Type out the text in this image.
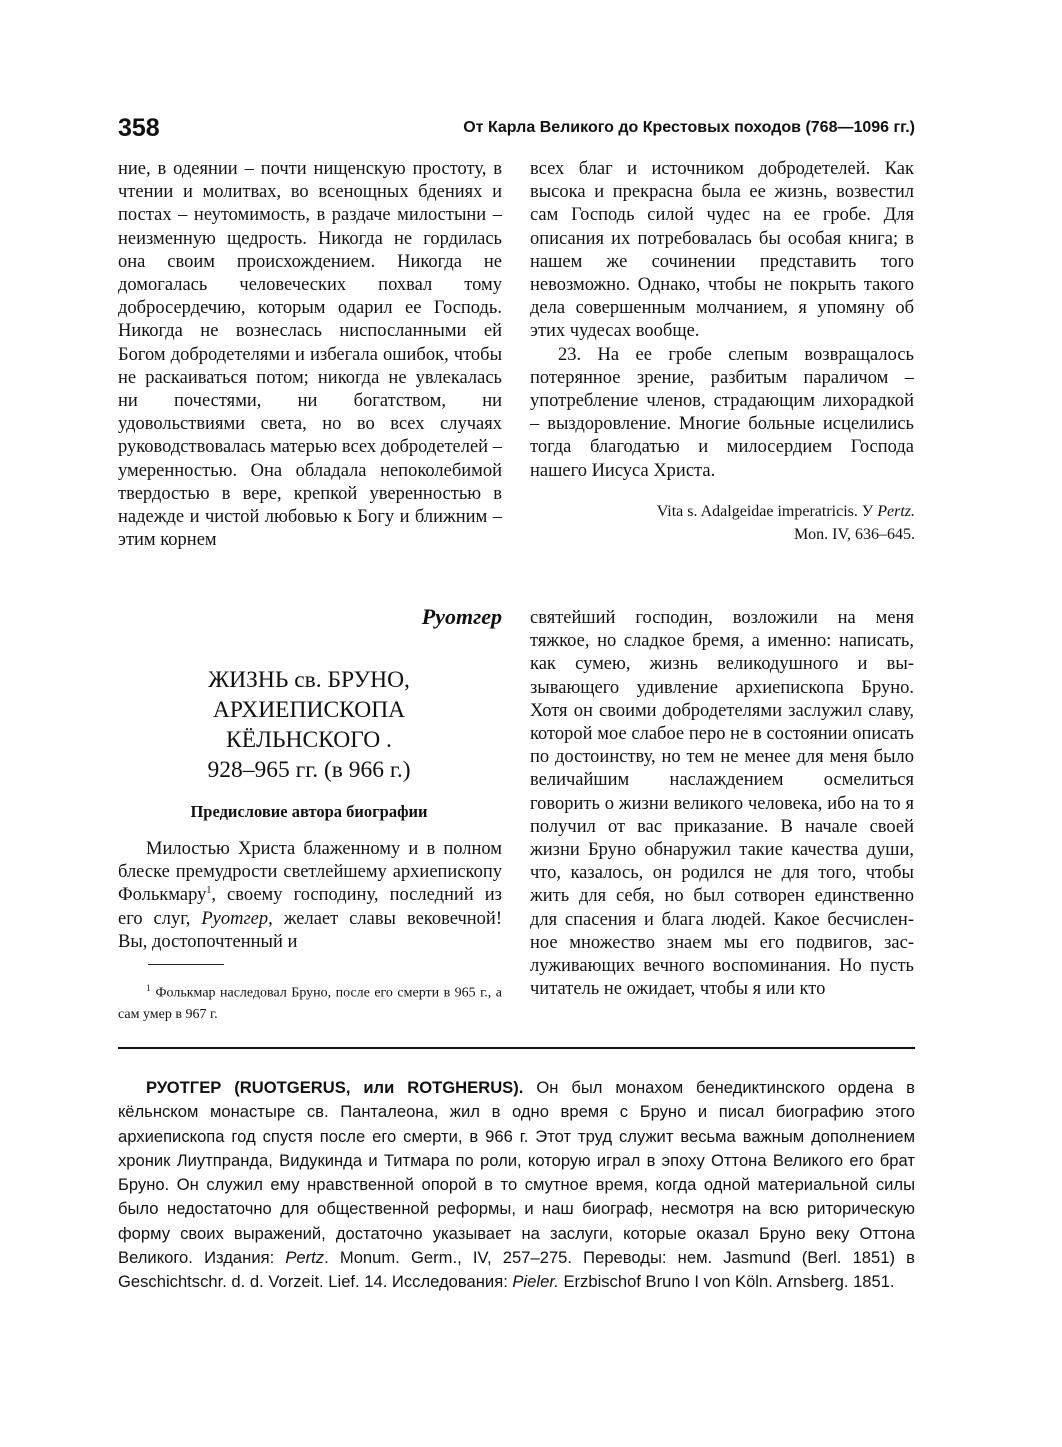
358	От Карла Великого до Крестовых походов (768—1096 гг.)

ние, в одеянии – почти нищенскую простоту, в чтении и молитвах, во всенощных бдениях и постах – неутомимость, в раздаче милостыни – неизменную щедрость. Никогда не гордилась она своим происхождением. Никогда не домогалась человеческих похвал тому добросердечию, которым одарил ее Господь. Никогда не вознеслась ниспосланными ей Богом добродетелями и избегала ошибок, чтобы не раскаиваться потом; никогда не увлекалась ни почестями, ни богатством, ни удовольствиями света, но во всех случаях руководствовалась матерью всех добродетелей – умеренностью. Она обладала непоколебимой твердостью в вере, крепкой уверенностью в надежде и чистой любовью к Богу и ближним – этим корнем

всех благ и источником добродетелей. Как высока и прекрасна была ее жизнь, возвестил сам Господь силой чудес на ее гробе. Для описания их потребовалась бы особая книга; в нашем же сочинении представить того невозможно. Однако, чтобы не покрыть такого дела совершенным молчанием, я упомяну об этих чудесах вообще.

23. На ее гробе слепым возвращалось потерянное зрение, разбитым параличом – употребление членов, страдающим лихорадкой – выздоровление. Многие больные исцелились тогда благодатью и милосердием Господа нашего Иисуса Христа.

Vita s. Adalgeidae imperatricis. У Pertz.
Mon. IV, 636–645.
Руотгер
ЖИЗНЬ св. БРУНО,
АРХИЕПИСКОПА
КЁЛЬНСКОГО .
928–965 гг. (в 966 г.)
Предисловие автора биографии

Милостью Христа блаженному и в полном блеске премудрости светлейшему архиепископу Фолькмару$^1$, своему господину, последний из его слуг, Руотгер, желает славы вековечной! Вы, достопочтенный и

святейший господин, возложили на меня тяжкое, но сладкое бремя, а именно: написать, как сумею, жизнь великодушного и вызывающего удивление архиепископа Бруно. Хотя он своими добродетелями заслужил славу, которой мое слабое перо не в состоянии описать по достоинству, но тем не менее для меня было величайшим наслаждением осмелиться говорить о жизни великого человека, ибо на то я получил от вас приказание. В начале своей жизни Бруно обнаружил такие качества души, что, казалось, он родился не для того, чтобы жить для себя, но был сотворен единственно для спасения и блага людей. Какое бесчисленное множество знаем мы его подвигов, заслуживающих вечного воспоминания. Но пусть читатель не ожидает, чтобы я или кто

$^1$ Фолькмар наследовал Бруно, после его смерти в 965 г., а сам умер в 967 г.

РУОТГЕР (RUOTGERUS, или ROTGHERUS). Он был монахом бенедиктинского ордена в кёльнском монастыре св. Панталеона, жил в одно время с Бруно и писал биографию этого архиепископа год спустя после его смерти, в 966 г. Этот труд служит весьма важным дополнением хроник Лиутпранда, Видукинда и Титмара по роли, которую играл в эпоху Оттона Великого его брат Бруно. Он служил ему нравственной опорой в то смутное время, когда одной материальной силы было недостаточно для общественной реформы, и наш биограф, несмотря на всю риторическую форму своих выражений, достаточно указывает на заслуги, которые оказал Бруно веку Оттона Великого. Издания: Pertz. Monum. Germ., IV, 257–275. Переводы: нем. Jasmund (Berl. 1851) в Geschichtschr. d. d. Vorzeit. Lief. 14. Исследования: Pieler. Erzbischof Bruno I von Köln. Arnsberg. 1851.
